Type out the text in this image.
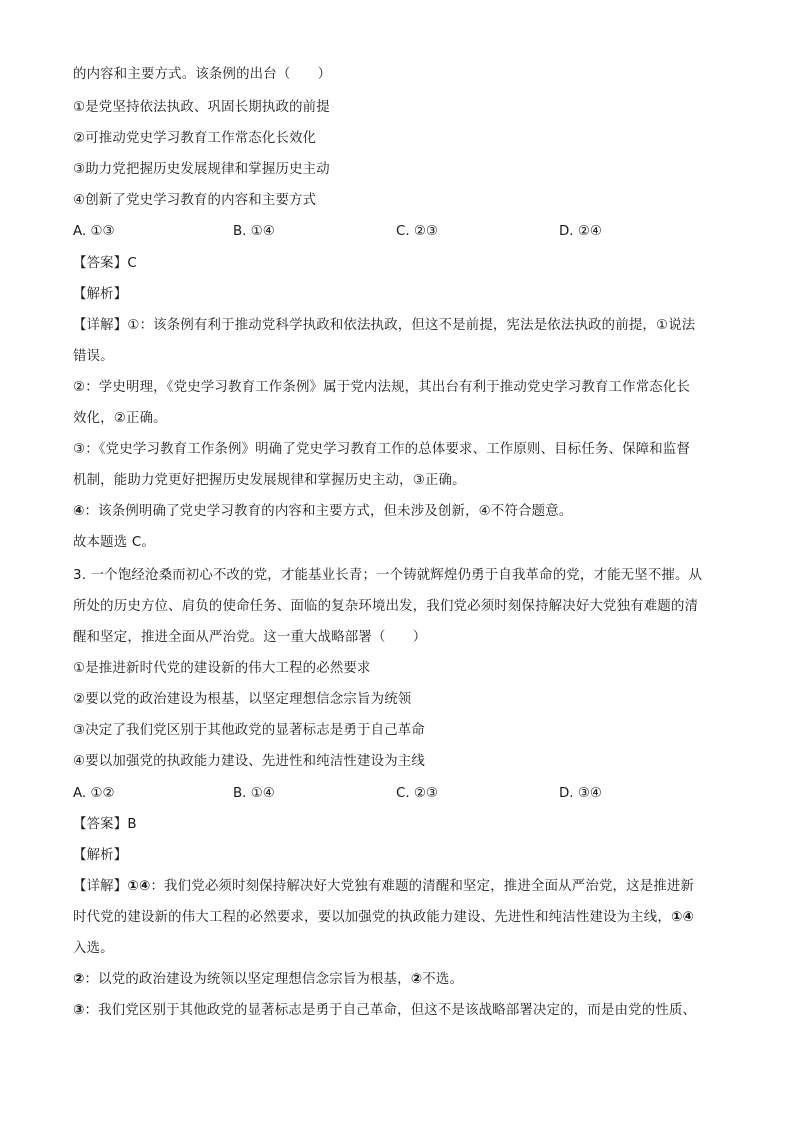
的内容和主要方式。该条例的出台（　　）
①是党坚持依法执政、巩固长期执政的前提
②可推动党史学习教育工作常态化长效化
③助力党把握历史发展规律和掌握历史主动
④创新了党史学习教育的内容和主要方式
A. ①③	B. ①④	C. ②③	D. ②④
【答案】C
【解析】
【详解】①：该条例有利于推动党科学执政和依法执政，但这不是前提，宪法是依法执政的前提，①说法
错误。
②：学史明理，《党史学习教育工作条例》属于党内法规，其出台有利于推动党史学习教育工作常态化长
效化，②正确。
③：《党史学习教育工作条例》明确了党史学习教育工作的总体要求、工作原则、目标任务、保障和监督
机制，能助力党更好把握历史发展规律和掌握历史主动，③正确。
④：该条例明确了党史学习教育的内容和主要方式，但未涉及创新，④不符合题意。
故本题选 C。
3. 一个饱经沧桑而初心不改的党，才能基业长青；一个铸就辉煌仍勇于自我革命的党，才能无坚不摧。从
所处的历史方位、肩负的使命任务、面临的复杂环境出发，我们党必须时刻保持解决好大党独有难题的清
醒和坚定，推进全面从严治党。这一重大战略部署（　　）
①是推进新时代党的建设新的伟大工程的必然要求
②要以党的政治建设为根基，以坚定理想信念宗旨为统领
③决定了我们党区别于其他政党的显著标志是勇于自己革命
④要以加强党的执政能力建设、先进性和纯洁性建设为主线
A. ①②	B. ①④	C. ②③	D. ③④
【答案】B
【解析】
【详解】①④：我们党必须时刻保持解决好大党独有难题的清醒和坚定，推进全面从严治党，这是推进新
时代党的建设新的伟大工程的必然要求，要以加强党的执政能力建设、先进性和纯洁性建设为主线，①④
入选。
②：以党的政治建设为统领以坚定理想信念宗旨为根基，②不选。
③：我们党区别于其他政党的显著标志是勇于自己革命，但这不是该战略部署决定的，而是由党的性质、
